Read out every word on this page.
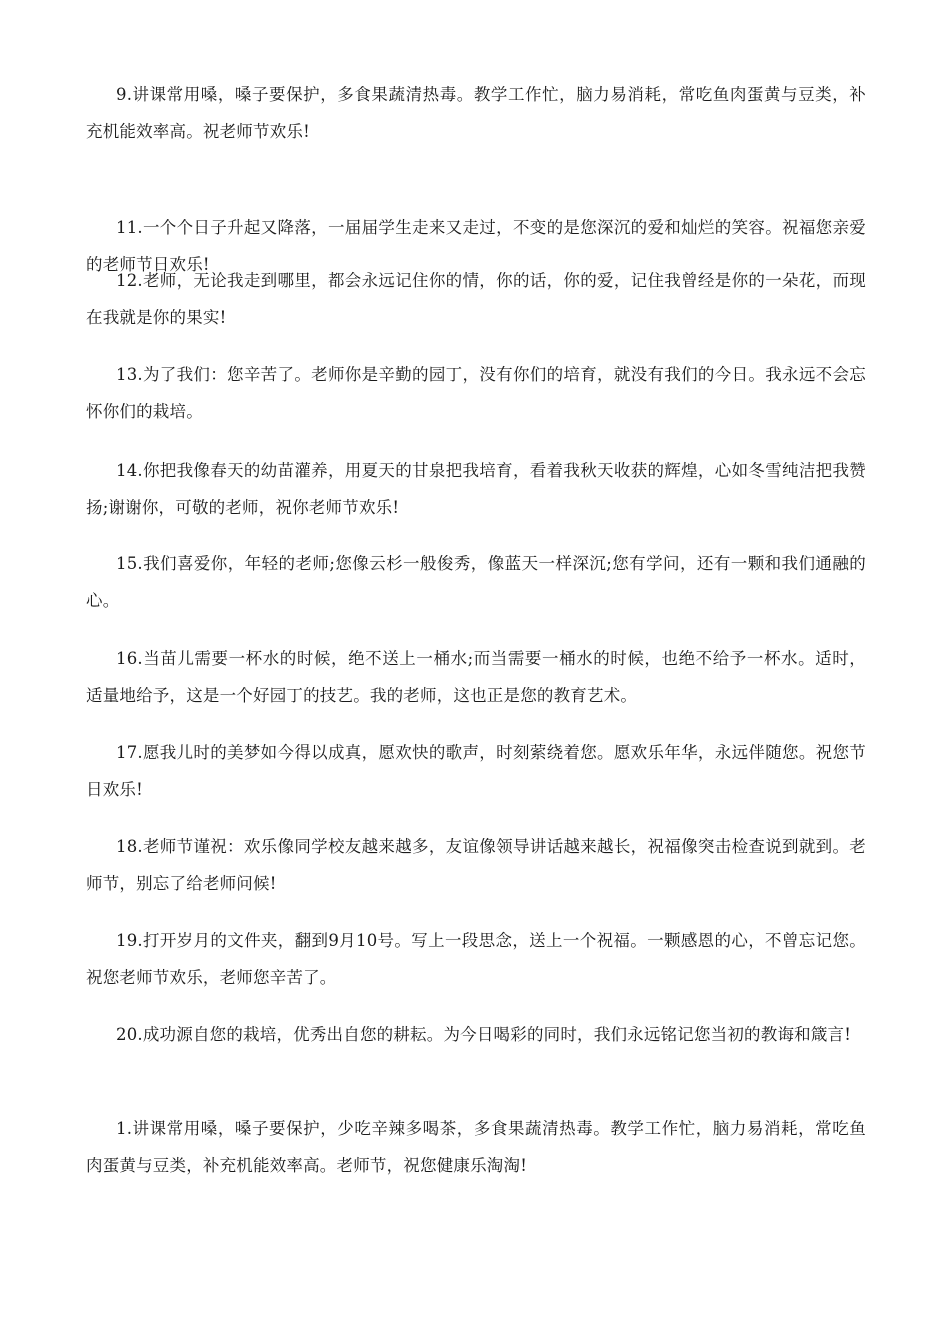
9.讲课常用嗓，嗓子要保护，多食果蔬清热毒。教学工作忙，脑力易消耗，常吃鱼肉蛋黄与豆类，补充机能效率高。祝老师节欢乐!

11.一个个日子升起又降落，一届届学生走来又走过，不变的是您深沉的爱和灿烂的笑容。祝福您亲爱的老师节日欢乐!

12.老师，无论我走到哪里，都会永远记住你的情，你的话，你的爱，记住我曾经是你的一朵花，而现在我就是你的果实!

13.为了我们：您辛苦了。老师你是辛勤的园丁，没有你们的培育，就没有我们的今日。我永远不会忘怀你们的栽培。

14.你把我像春天的幼苗灌养，用夏天的甘泉把我培育，看着我秋天收获的辉煌，心如冬雪纯洁把我赞扬;谢谢你，可敬的老师，祝你老师节欢乐!

15.我们喜爱你，年轻的老师;您像云杉一般俊秀，像蓝天一样深沉;您有学问，还有一颗和我们通融的心。

16.当苗儿需要一杯水的时候，绝不送上一桶水;而当需要一桶水的时候，也绝不给予一杯水。适时，适量地给予，这是一个好园丁的技艺。我的老师，这也正是您的教育艺术。

17.愿我儿时的美梦如今得以成真，愿欢快的歌声，时刻萦绕着您。愿欢乐年华，永远伴随您。祝您节日欢乐!

18.老师节谨祝：欢乐像同学校友越来越多，友谊像领导讲话越来越长，祝福像突击检查说到就到。老师节，别忘了给老师问候!

19.打开岁月的文件夹，翻到9月10号。写上一段思念，送上一个祝福。一颗感恩的心，不曾忘记您。祝您老师节欢乐，老师您辛苦了。

20.成功源自您的栽培，优秀出自您的耕耘。为今日喝彩的同时，我们永远铭记您当初的教诲和箴言!

1.讲课常用嗓，嗓子要保护，少吃辛辣多喝茶，多食果蔬清热毒。教学工作忙，脑力易消耗，常吃鱼肉蛋黄与豆类，补充机能效率高。老师节，祝您健康乐淘淘!
